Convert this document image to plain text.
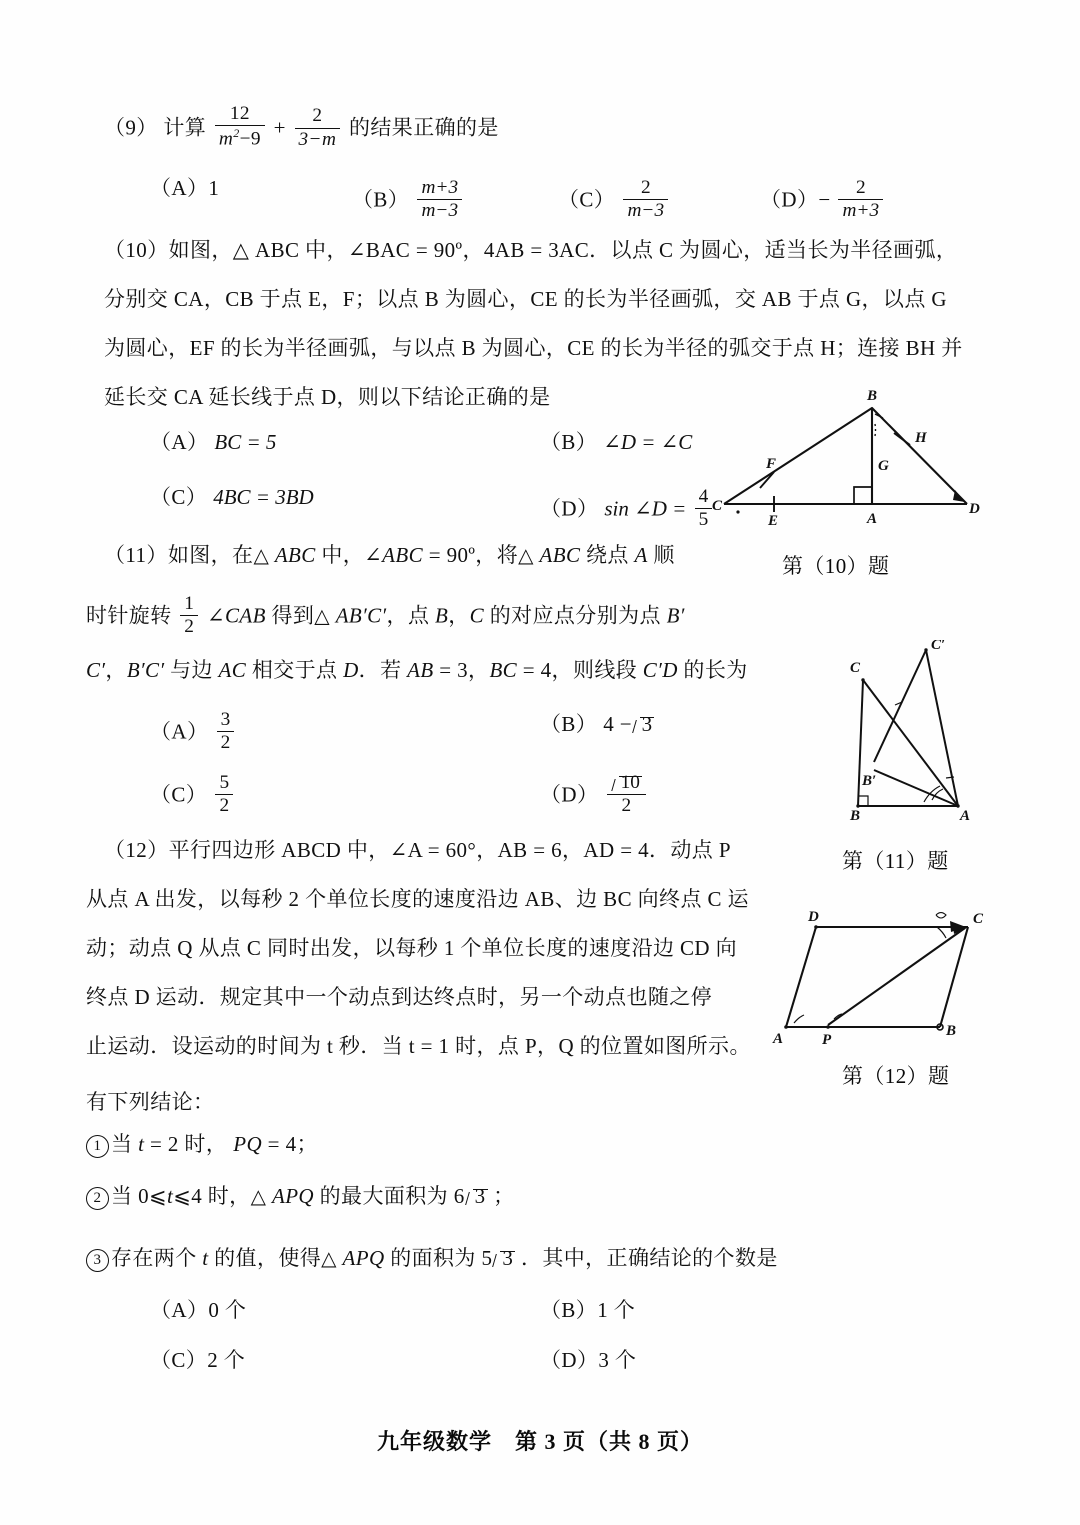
（9） 计算 $\frac{12}{m^2-9} + \frac{2}{3-m}$ 的结果正确的是
（A）1	$(B) \frac{m+3}{m-3}$	$(C) \frac{2}{m-3}$	$(D)- \frac{2}{m+3}$
（10）如图，△ ABC 中，∠BAC = 90º，4AB = 3AC．以点 C 为圆心，适当长为半径画弧，
分别交 CA，CB 于点 E，F；以点 B 为圆心，CE 的长为半径画弧，交 AB 于点 G，以点 G
为圆心，EF 的长为半径画弧，与以点 B 为圆心，CE 的长为半径的弧交于点 H；连接 BH 并
延长交 CA 延长线于点 D，则以下结论正确的是
（A） BC = 5	（B） ∠D = ∠C
（C） 4BC = 3BD	（D） sin ∠D = $\frac{4}{5}$
B
H
G
F
C
E	A
D
第（10）题
（11）如图，在△ ABC 中，∠ABC = 90º，将△ ABC 绕点 A 顺
时针旋转 $\frac{1}{2}$ ∠CAB 得到△ AB′C′，点 B，C 的对应点分别为点 B′
C′，B′C′ 与边 AC 相交于点 D．若 AB = 3，BC = 4，则线段 C′D 的长为
$(A) \frac{3}{2}$	（B） 4 − 3
$(C) \frac{5}{2}$	$(D) \frac{10}{2}$
C
C′
B′
B	A
第（11）题
（12）平行四边形 ABCD 中，∠A = 60°，AB = 6，AD = 4．动点 P
从点 A 出发，以每秒 2 个单位长度的速度沿边 AB、边 BC 向终点 C 运
动；动点 Q 从点 C 同时出发，以每秒 1 个单位长度的速度沿边 CD 向
终点 D 运动．规定其中一个动点到达终点时，另一个动点也随之停
止运动．设运动的时间为 t 秒．当 t = 1 时，点 P，Q 的位置如图所示。
有下列结论：
1 当 t = 2 时， PQ = 4；
2 当 0⩽t⩽4 时，△ APQ 的最大面积为 6 3 ；
3 存在两个 t 的值，使得△ APQ 的面积为 5 3 ．其中，正确结论的个数是
（A）0 个	（B）1 个
（C）2 个	（D）3 个
D	C
A	P
B
第（12）题
九年级数学　第 3 页（共 8 页）
